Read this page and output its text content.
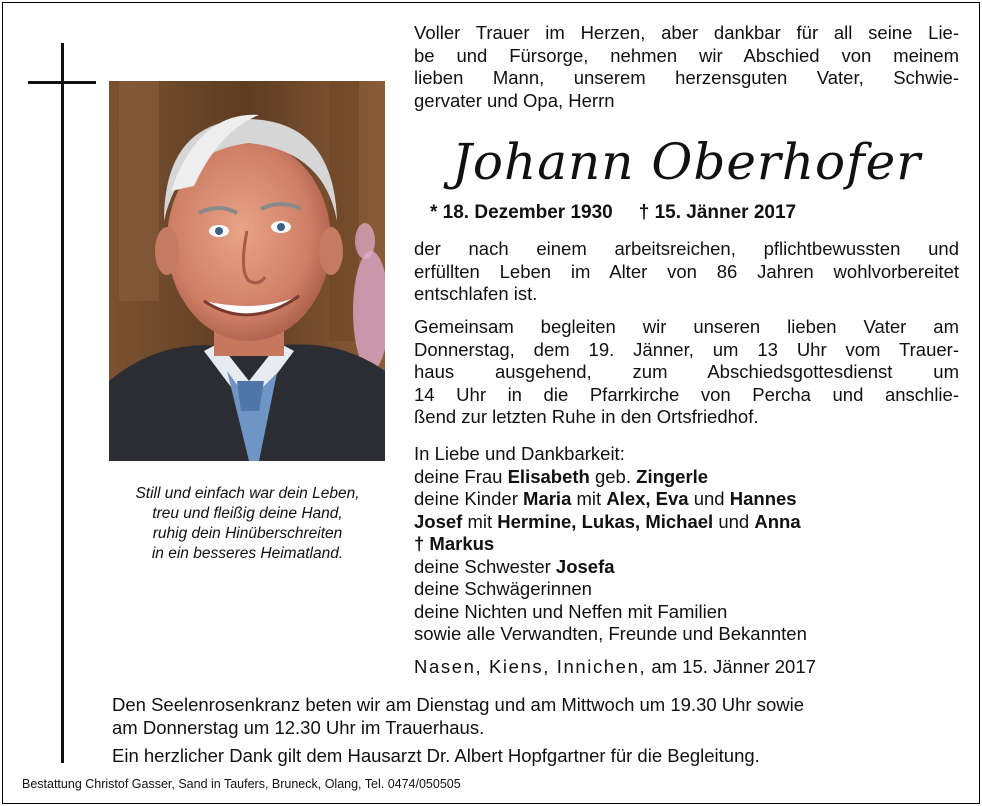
Still und einfach war dein Leben,
treu und fleißig deine Hand,
ruhig dein Hinüberschreiten
in ein besseres Heimatland.
Voller Trauer im Herzen, aber dankbar für all seine Lie-
be und Fürsorge, nehmen wir Abschied von meinem
lieben Mann, unserem herzensguten Vater, Schwie-
gervater und Opa, Herrn
Johann Oberhofer
* 18. Dezember 1930 † 15. Jänner 2017
der nach einem arbeitsreichen, pflichtbewussten und
erfüllten Leben im Alter von 86 Jahren wohlvorbereitet
entschlafen ist.
Gemeinsam begleiten wir unseren lieben Vater am
Donnerstag, dem 19. Jänner, um 13 Uhr vom Trauer-
haus ausgehend, zum Abschiedsgottesdienst um
14 Uhr in die Pfarrkirche von Percha und anschlie-
ßend zur letzten Ruhe in den Ortsfriedhof.
In Liebe und Dankbarkeit:
deine Frau Elisabeth geb. Zingerle
deine Kinder Maria mit Alex, Eva und Hannes
Josef mit Hermine, Lukas, Michael und Anna
† Markus
deine Schwester Josefa
deine Schwägerinnen
deine Nichten und Neffen mit Familien
sowie alle Verwandten, Freunde und Bekannten
Nasen, Kiens, Innichen, am 15. Jänner 2017
Den Seelenrosenkranz beten wir am Dienstag und am Mittwoch um 19.30 Uhr sowie
am Donnerstag um 12.30 Uhr im Trauerhaus.
Ein herzlicher Dank gilt dem Hausarzt Dr. Albert Hopfgartner für die Begleitung.
Bestattung Christof Gasser, Sand in Taufers, Bruneck, Olang, Tel. 0474/050505
